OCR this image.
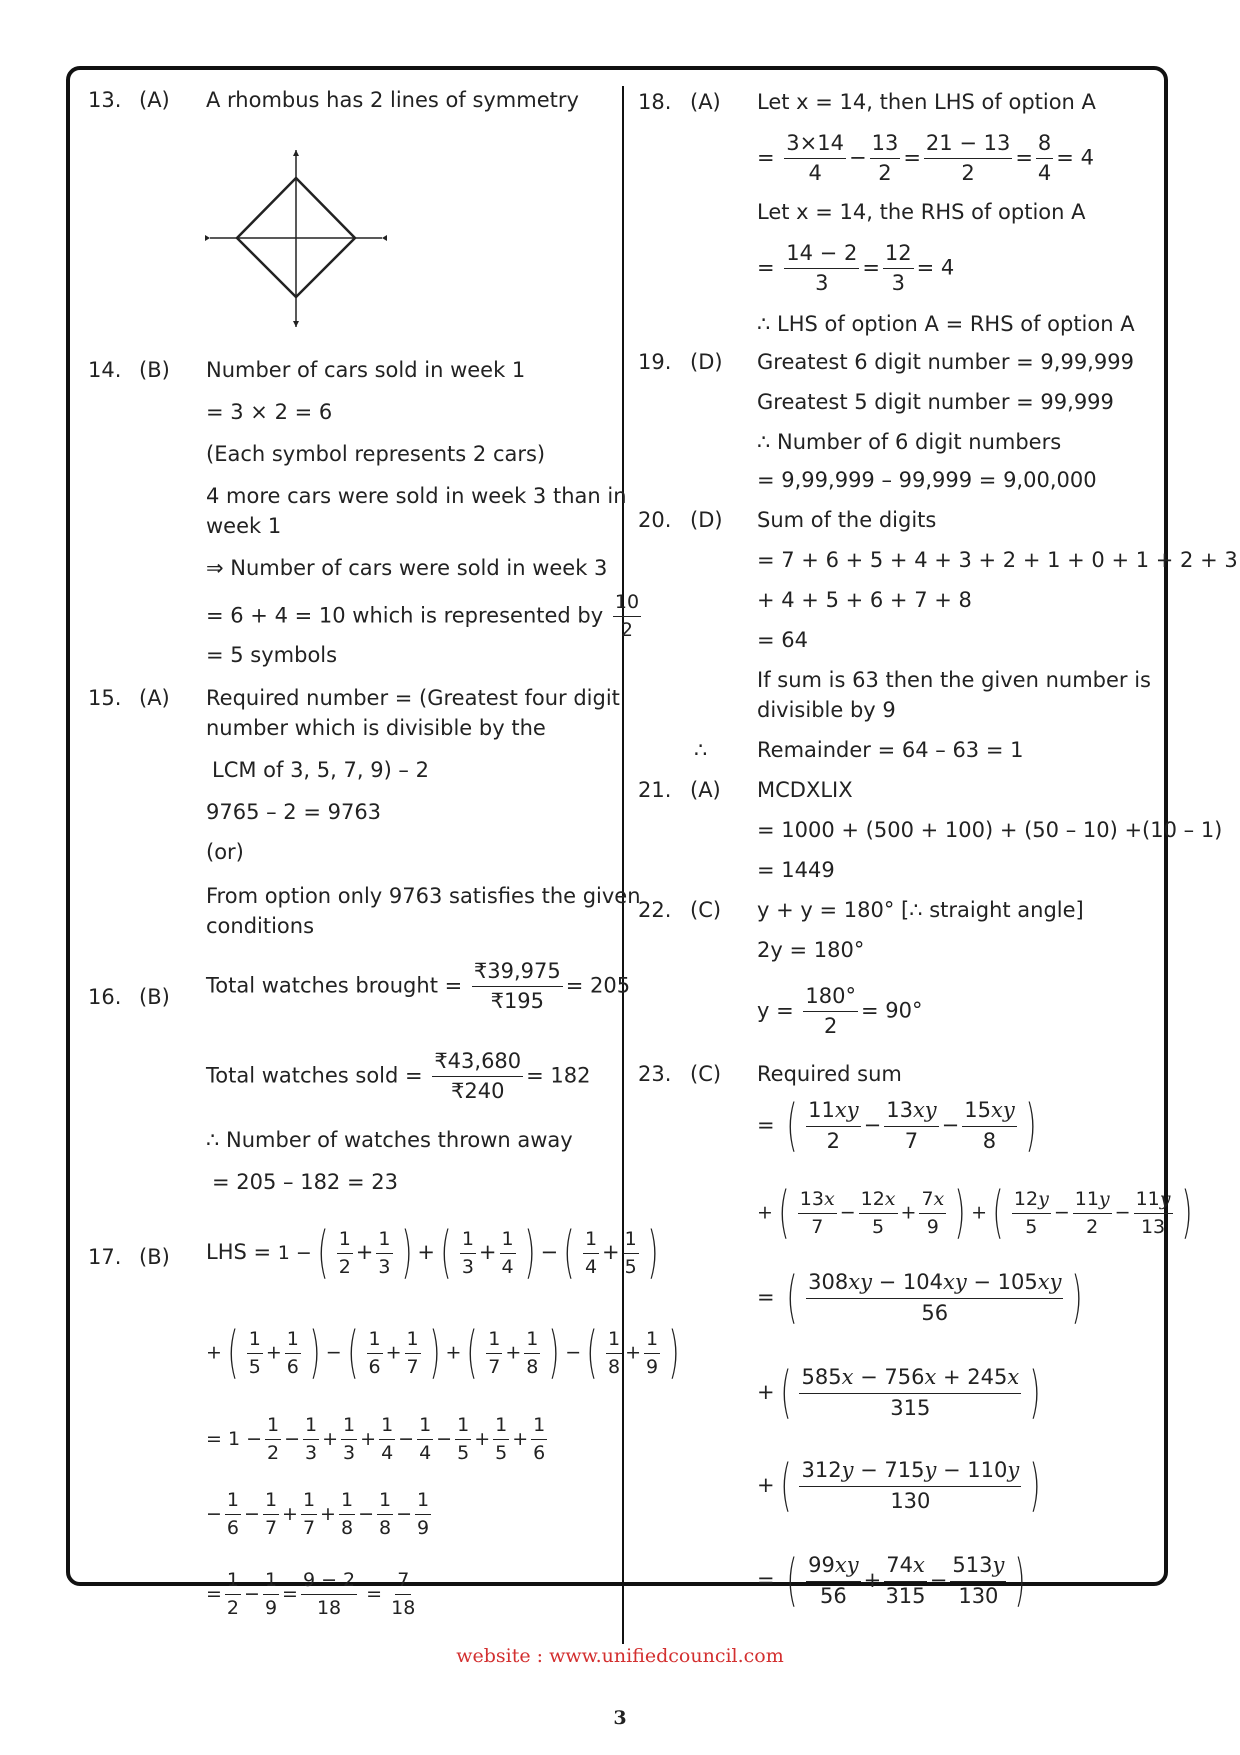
13. (A) A rhombus has 2 lines of symmetry
14. (B) Number of cars sold in week 1
= 3 × 2 = 6
(Each symbol represents 2 cars)
4 more cars were sold in week 3 than in
week 1
⇒ Number of cars were sold in week 3
= 6 + 4 = 10 which is represented by $\frac{10}{2}$
= 5 symbols
15. (A) Required number = (Greatest four digit
number which is divisible by the
LCM of 3, 5, 7, 9) – 2
9765 – 2 = 9763
(or)
From option only 9763 satisfies the given
conditions
16. (B) Total watches brought = $\frac{₹39,975}{₹195} = 205$
Total watches sold = $\frac{₹43,680}{₹240} = 182$
∴ Number of watches thrown away
= 205 – 182 = 23
17. (B) LHS = 1 −( $\frac{1}{2} + \frac{1}{3}$ ) +( $\frac{1}{3} + \frac{1}{4}$ ) −( $\frac{1}{4} + \frac{1}{5}$ )
+( $\frac{1}{5} + \frac{1}{6}$ ) −( $\frac{1}{6} + \frac{1}{7}$ ) +( $\frac{1}{7} + \frac{1}{8}$ ) −( $\frac{1}{8} + \frac{1}{9}$ )
= $1 - \frac{1}{2} - \frac{1}{3} + \frac{1}{3} + \frac{1}{4} - \frac{1}{4} - \frac{1}{5} + \frac{1}{5} + \frac{1}{6}$
− $\frac{1}{6} - \frac{1}{7} + \frac{1}{7} + \frac{1}{8} - \frac{1}{8} - \frac{1}{9}$
= $\frac{1}{2} - \frac{1}{9} = \frac{9 - 2}{18} = \frac{7}{18}$
18. (A) Let x = 14, then LHS of option A
= $\frac{3\times 14}{4} - \frac{13}{2} = \frac{21 - 13}{2} = \frac{8}{4} = 4$
Let x = 14, the RHS of option A
= $\frac{14 - 2}{3} = \frac{12}{3} = 4$
∴ LHS of option A = RHS of option A
19. (D) Greatest 6 digit number = 9,99,999
Greatest 5 digit number = 99,999
∴ Number of 6 digit numbers
= 9,99,999 – 99,999 = 9,00,000
20. (D) Sum of the digits
= 7 + 6 + 5 + 4 + 3 + 2 + 1 + 0 + 1 + 2 + 3
+ 4 + 5 + 6 + 7 + 8
= 64
If sum is 63 then the given number is
divisible by 9
∴ Remainder = 64 – 63 = 1
21. (A) MCDXLIX
= 1000 + (500 + 100) + (50 – 10) +(10 – 1)
= 1449
22. (C) y + y = 180° [∴ straight angle]
2y = 180°
$y = \frac{180^\circ}{2} = 90^\circ$
23. (C) Required sum
= ( $\frac{11xy}{2} - \frac{13xy}{7} - \frac{15xy}{8}$ )
+( $\frac{13x}{7} - \frac{12x}{5} + \frac{7x}{9}$ ) +( $\frac{12y}{5} - \frac{11y}{2} - \frac{11y}{13}$ )
= ( $\frac{308xy - 104xy - 105xy}{56}$ )
+( $\frac{585x - 756x + 245x}{315}$ )
+( $\frac{312y - 715y - 110y}{130}$ )
= ( $\frac{99xy}{56} + \frac{74x}{315} - \frac{513y}{130}$ )
website : www.unifiedcouncil.com
3
